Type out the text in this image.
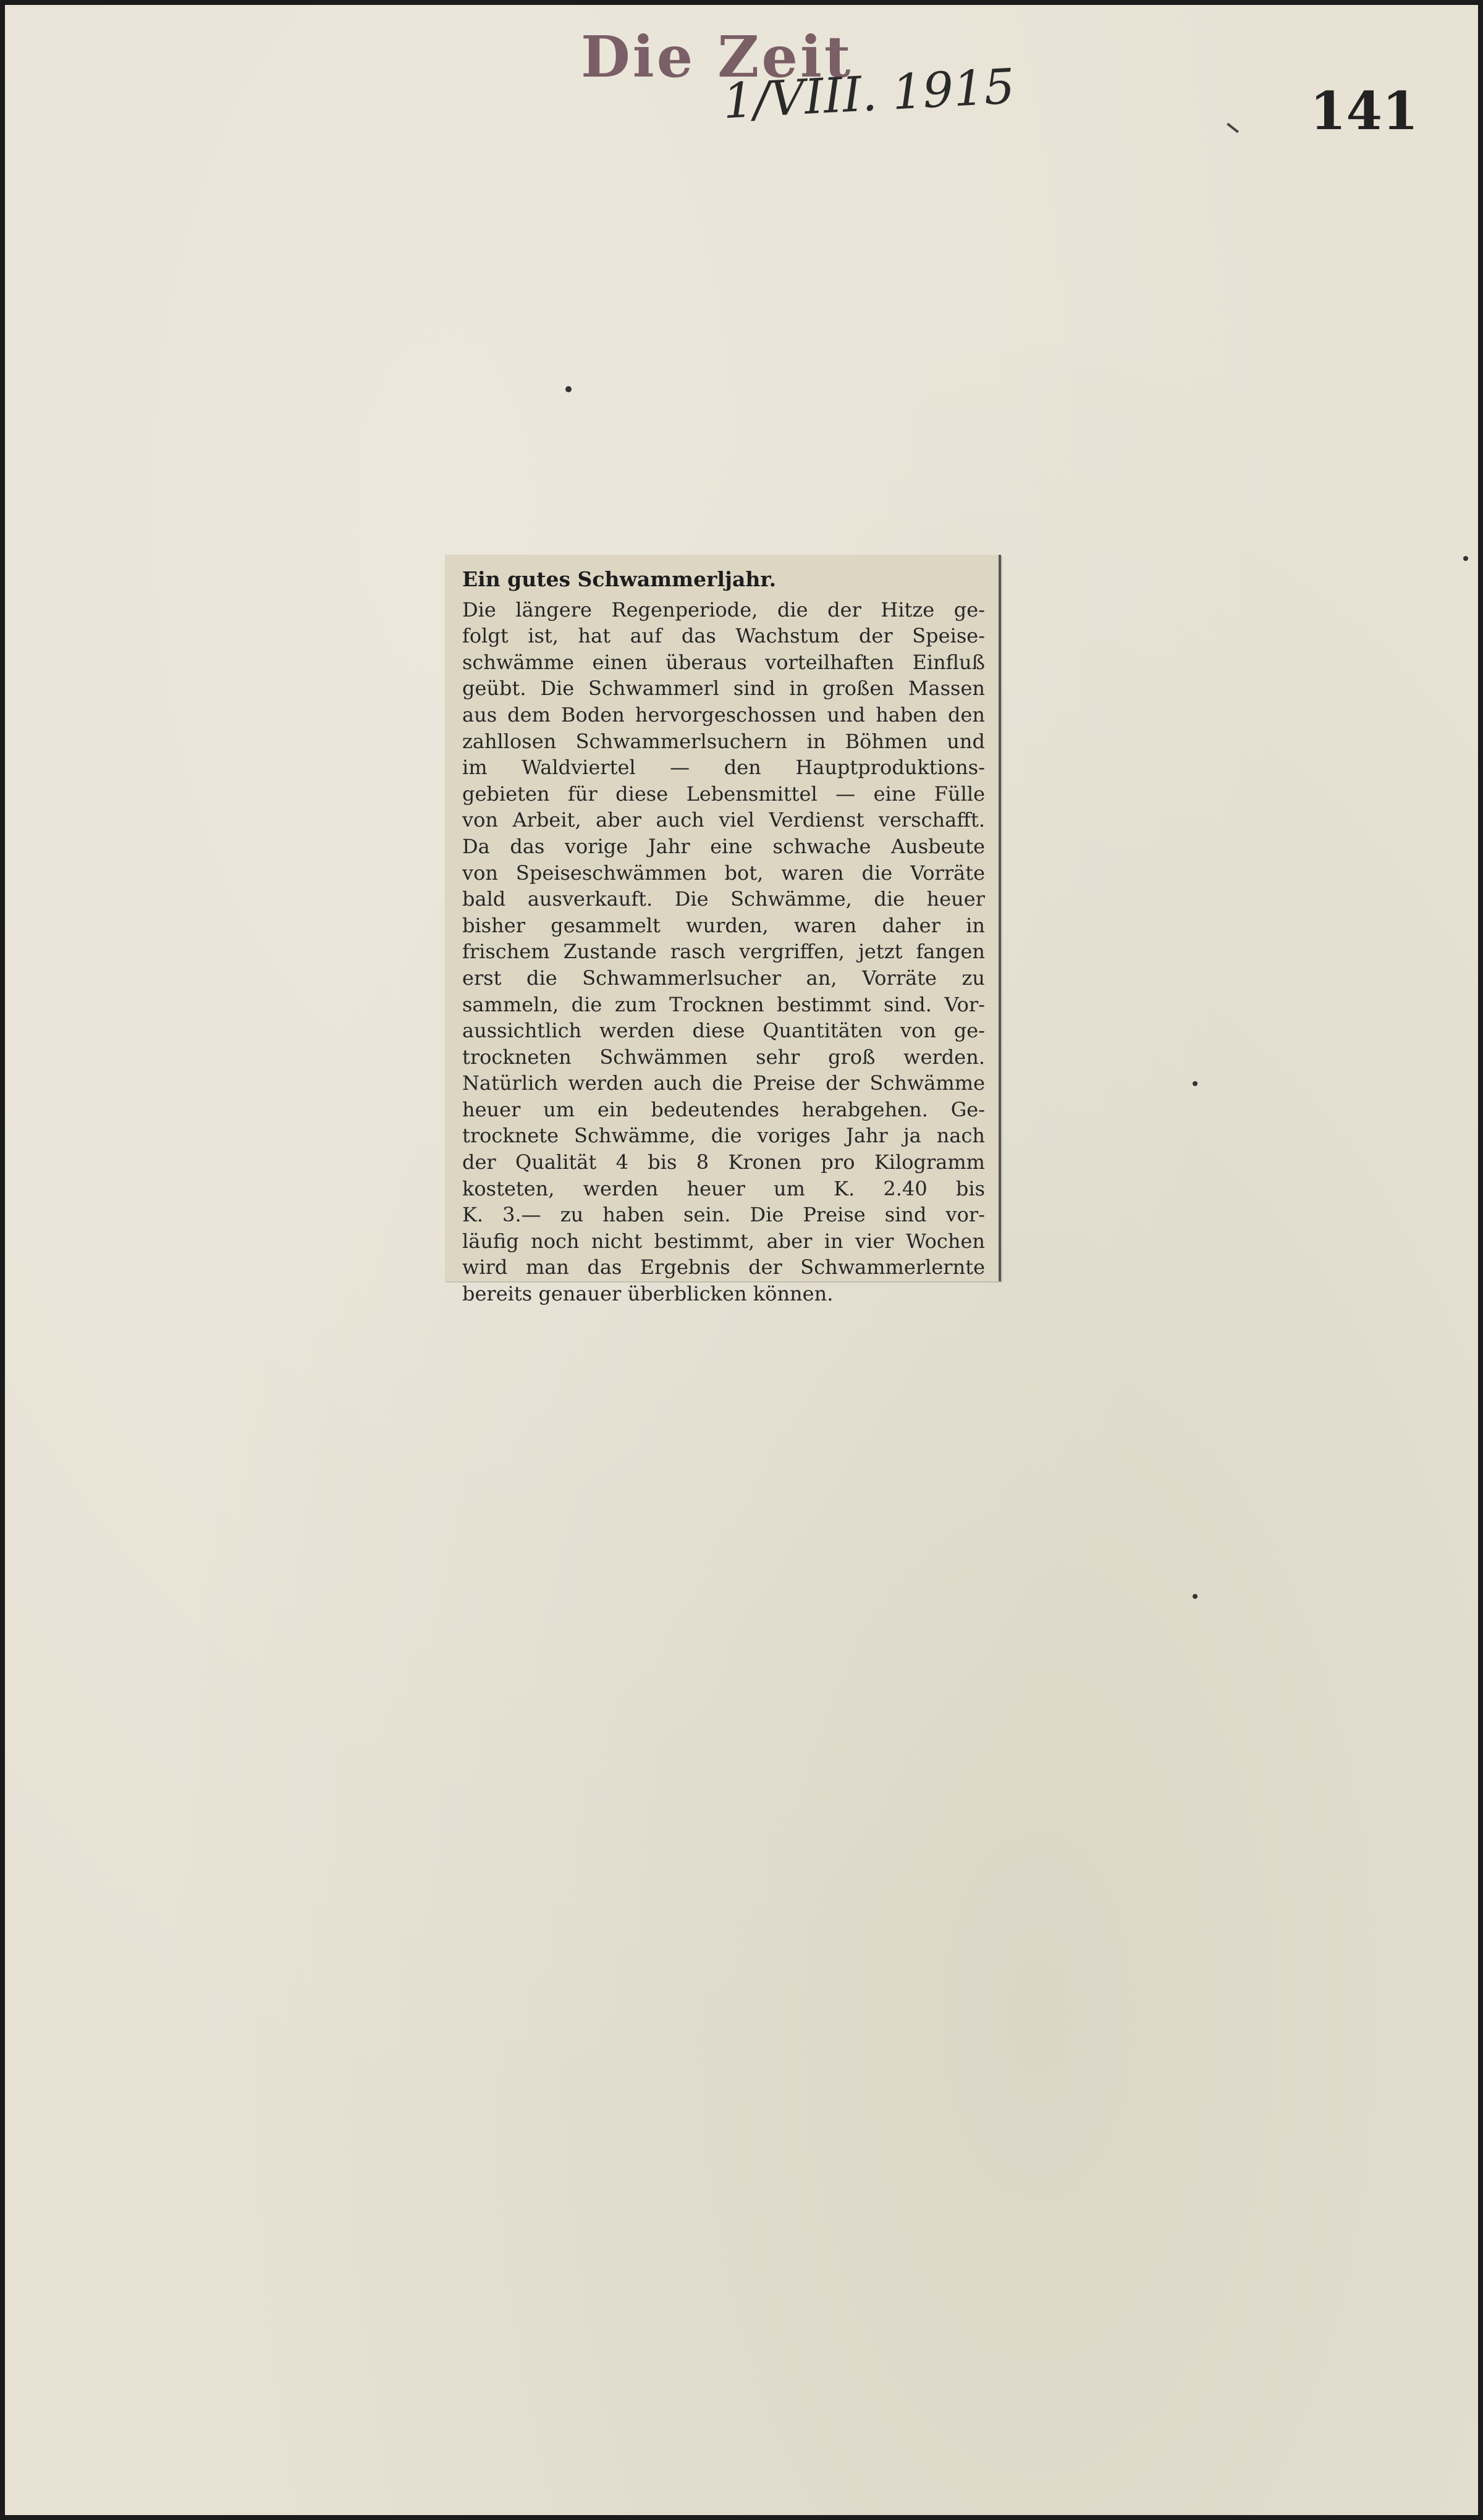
Die Zeit
1/VIII. 1915	141
Ein gutes Schwammerljahr.

Die längere Regenperiode, die der Hitze ge-

folgt ist, hat auf das Wachstum der Speise-

schwämme einen überaus vorteilhaften Einfluß

geübt. Die Schwammerl sind in großen Massen

aus dem Boden hervorgeschossen und haben den

zahllosen Schwammerlsuchern in Böhmen und

im Waldviertel — den Hauptproduktions-

gebieten für diese Lebensmittel — eine Fülle

von Arbeit, aber auch viel Verdienst verschafft.

Da das vorige Jahr eine schwache Ausbeute

von Speiseschwämmen bot, waren die Vorräte

bald ausverkauft. Die Schwämme, die heuer

bisher gesammelt wurden, waren daher in

frischem Zustande rasch vergriffen, jetzt fangen

erst die Schwammerlsucher an, Vorräte zu

sammeln, die zum Trocknen bestimmt sind. Vor-

aussichtlich werden diese Quantitäten von ge-

trockneten Schwämmen sehr groß werden.

Natürlich werden auch die Preise der Schwämme

heuer um ein bedeutendes herabgehen. Ge-

trocknete Schwämme, die voriges Jahr ja nach

der Qualität 4 bis 8 Kronen pro Kilogramm

kosteten, werden heuer um K. 2.40 bis

K. 3.— zu haben sein. Die Preise sind vor-

läufig noch nicht bestimmt, aber in vier Wochen

wird man das Ergebnis der Schwammerlernte

bereits genauer überblicken können.
